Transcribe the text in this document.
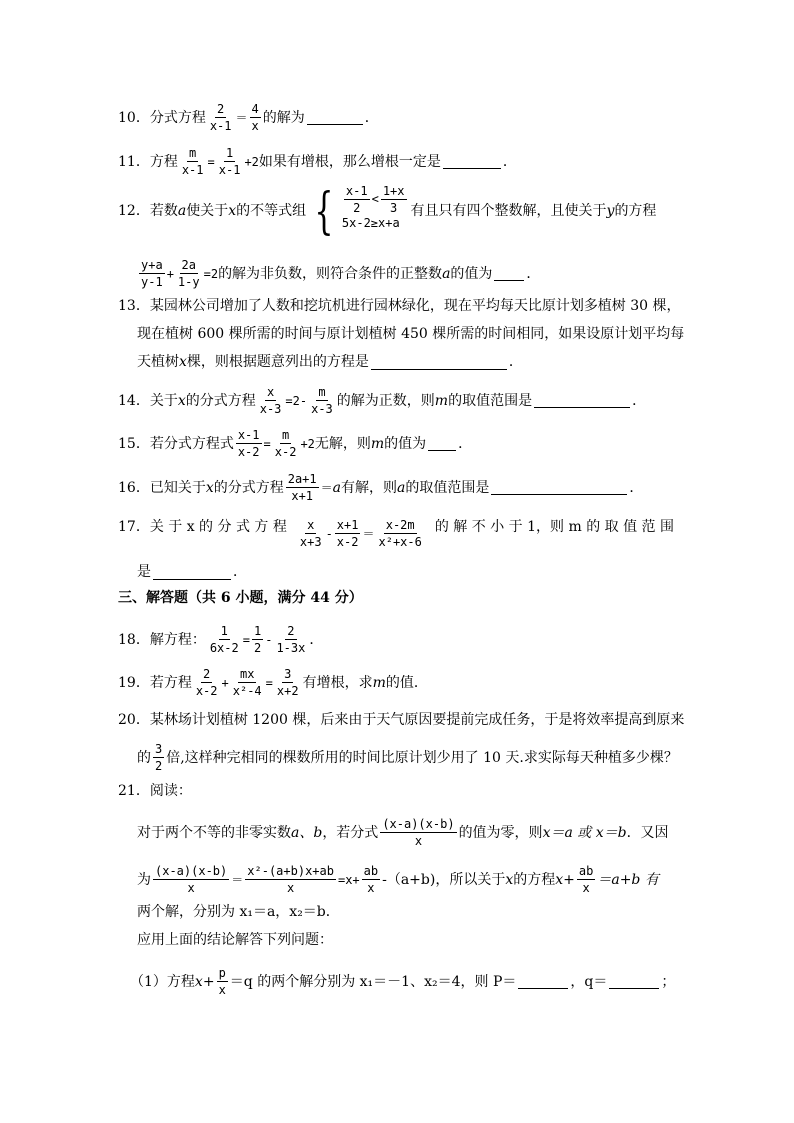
10．分式方程 $\frac{2}{x-1} = \frac{4}{x}$ 的解为	．
11．方程 $\frac{m}{x-1} = \frac{1}{x-1} +2$ 如果有增根，那么增根一定是	．
12．若数 a 使关于 x 的不等式组 { $\frac{x-1}{2} < \frac{1+x}{3}$
5x-2≥x+a
有且只有四个整数解，且使关于 y 的方程
$\frac{y+a}{y-1} + \frac{2a}{1-y} =2$ 的解为非负数，则符合条件的正整数 a 的值为 ．
13．某园林公司增加了人数和挖坑机进行园林绿化，现在平均每天比原计划多植树 30 棵，
现在植树 600 棵所需的时间与原计划植树 450 棵所需的时间相同，如果设原计划平均每
天植树 x 棵，则根据题意列出的方程是	．
14．关于 x 的分式方程 $\frac{x}{x-3} =2- \frac{m}{x-3}$ 的解为正数，则 m 的取值范围是	．
15．若分式方程式 $\frac{x-1}{x-2} = \frac{m}{x-2} +2$ 无解，则 m 的值为 ．
16．已知关于 x 的分式方程 $\frac{2a+1}{x+1} = a$ 有解，则 a 的取值范围是	．
17．关 于 x 的 分 式 方 程 $\frac{x}{x+3} - \frac{x+1}{x-2} = \frac{x-2m}{\text{x²+x-6}}$ 的 解 不 小 于 1，则 m 的 取 值 范 围
是	．
三、解答题（共 6 小题，满分 44 分）
18．解方程： $\frac{1}{6x-2} = \frac{1}{2} - \frac{2}{1-3x}$ ．
19．若方程 $\frac{2}{x-2} + \frac{mx}{\text{x²-4}} = \frac{3}{x+2}$ 有增根，求 m 的值．
20．某林场计划植树 1200 棵，后来由于天气原因要提前完成任务，于是将效率提高到原来
的 $\frac{3}{2}$ 倍,这样种完相同的棵数所用的时间比原计划少用了 10 天.求实际每天种植多少棵？
21．阅读：
对于两个不等的非零实数 a、b ，若分式 $\frac{(x-a)(x-b)}{x}$ 的值为零，则 x＝a 或 x＝b ．又因
为 $\frac{(x-a)(x-b)}{x} = \frac{\text{x²-(a+b)x+ab}}{x} =x+ \frac{ab}{x} -(a+b)$，所以关于 x 的方程 $x+ \frac{ab}{x} =a+b$ 有
两个解，分别为 x₁＝a，x₂＝b．
应用上面的结论解答下列问题：
（1）方程 $x+ \frac{p}{x} =q$ 的两个解分别为 x₁＝－1、x₂＝4，则 P＝	，q＝	；
